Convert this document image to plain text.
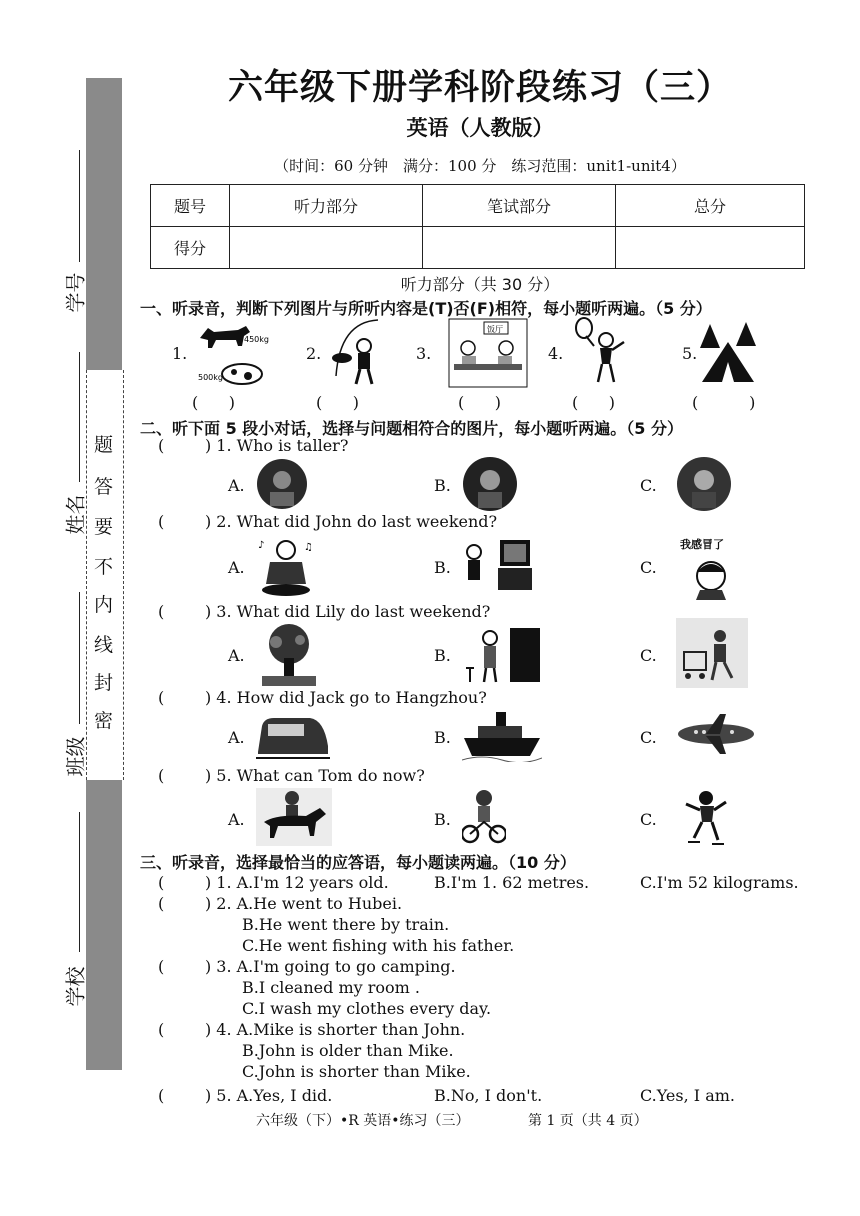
题
答
要
不
内
线
封
密
学号
姓名
班级
学校
六年级下册学科阶段练习（三）
英语（人教版）
（时间：60 分钟　满分：100 分　练习范围：unit1-unit4）
题号	听力部分	笔试部分	总分
得分			
听力部分（共 30 分）
一、听录音，判断下列图片与所听内容是(T)否(F)相符，每小题听两遍。（5 分）
1.
450kg
500kg
2.	3.
饭厅
4.	5.
(      )	(      )	(      )	(      )	(          )
二、听下面 5 段小对话，选择与问题相符合的图片，每小题听两遍。（5 分）
(        ) 1. Who is taller?
A.	B.	C.
(        ) 2. What did John do last weekend?
A.
♪	♫
B.	C.
我感冒了
(        ) 3. What did Lily do last weekend?
A.	B.	C.
(        ) 4. How did Jack go to Hangzhou?
A.	B.	C.
(        ) 5. What can Tom do now?
A.	B.	C.
三、听录音，选择最恰当的应答语，每小题读两遍。（10 分）
(        ) 1. A.I'm 12 years old.	B.I'm 1. 62 metres.	C.I'm 52 kilograms.
(        ) 2. A.He went to Hubei.
B.He went there by train.
C.He went fishing with his father.
(        ) 3. A.I'm going to go camping.
B.I cleaned my room .
C.I wash my clothes every day.
(        ) 4. A.Mike is shorter than John.
B.John is older than Mike.
C.John is shorter than Mike.
(        ) 5. A.Yes, I did.	B.No, I don't.	C.Yes, I am.
六年级（下）•R 英语•练习（三）	第 1 页（共 4 页）
